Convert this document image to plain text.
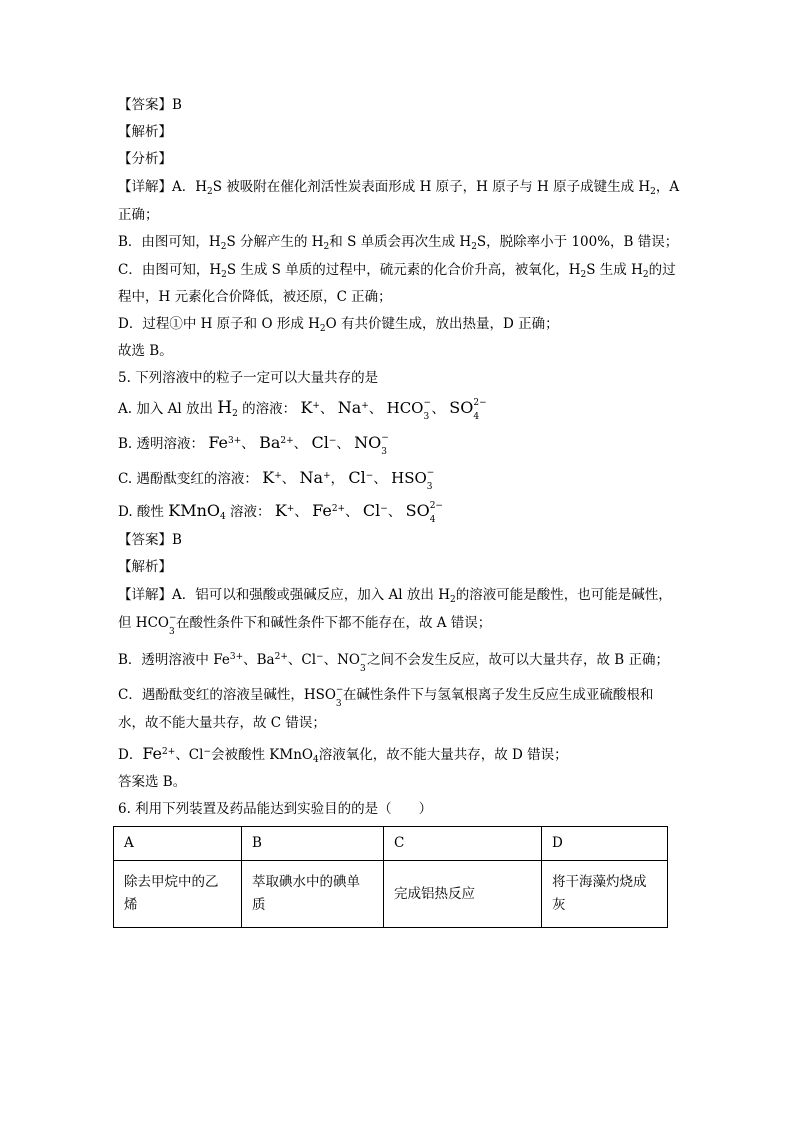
【答案】B
【解析】
【分析】
【详解】A．$H_2S$ 被吸附在催化剂活性炭表面形成 H 原子，H 原子与 H 原子成键生成 $H_2$，A
正确；
B．由图可知，$H_2S$ 分解产生的 $H_2$和 S 单质会再次生成 $H_2S$，脱除率小于 100%，B 错误；
C．由图可知，$H_2S$ 生成 S 单质的过程中，硫元素的化合价升高，被氧化，$H_2S$ 生成 $H_2$的过
程中，H 元素化合价降低，被还原，C 正确；
D．过程①中 H 原子和 O 形成 $H_2O$ 有共价键生成，放出热量，D 正确；
故选 B。
5. 下列溶液中的粒子一定可以大量共存的是
A. 加入 Al 放出 $H_2$ 的溶液： K+、 Na+、 HCO −
3 、 SO 2−
4
B. 透明溶液： $Fe^{3+}$、 $Ba^{2+}$、 Cl−、 NO −
3
C. 遇酚酞变红的溶液： K+、 Na+， Cl−、 HSO −
3
D. 酸性 KMnO$_4$ 溶液： K+、 $Fe^{2+}$、 Cl−、 SO 2−
4
【答案】B
【解析】
【详解】A．铝可以和强酸或强碱反应，加入 Al 放出 $H_2$的溶液可能是酸性，也可能是碱性，
但 HCO −
3
在酸性条件下和碱性条件下都不能存在，故 A 错误；
B．透明溶液中 $Fe^{3+}$、$Ba^{2+}$、Cl−、NO −
3
之间不会发生反应，故可以大量共存，故 B 正确；
C．遇酚酞变红的溶液呈碱性，HSO −
3
在碱性条件下与氢氧根离子发生反应生成亚硫酸根和
水，故不能大量共存，故 C 错误；
D．$Fe^{2+}$、Cl−会被酸性 KMnO$_4$溶液氧化，故不能大量共存，故 D 错误；
答案选 B。
6. 利用下列装置及药品能达到实验目的的是（　　）
A	B	C	D
除去甲烷中的乙烯	萃取碘水中的碘单质	完成铝热反应	将干海藻灼烧成灰
